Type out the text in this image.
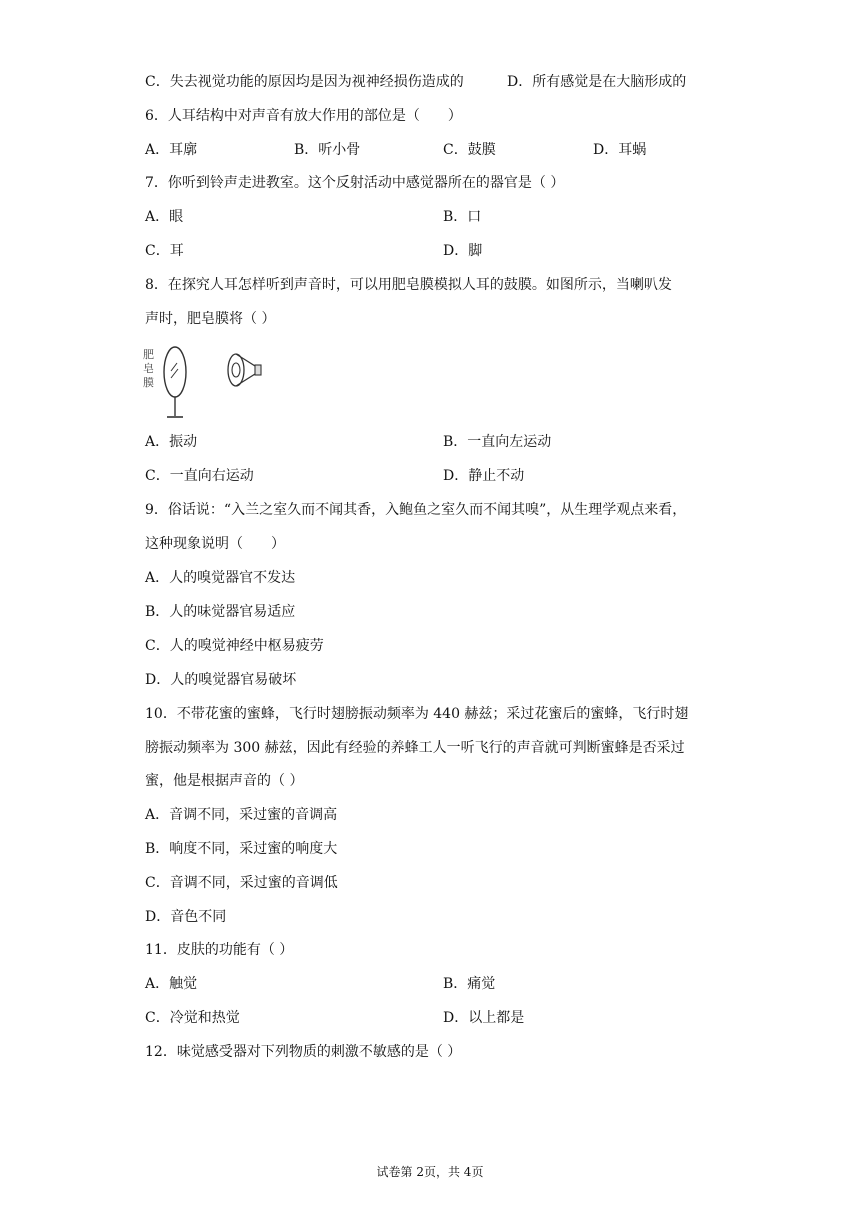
C．失去视觉功能的原因均是因为视神经损伤造成的	D．所有感觉是在大脑形成的
6．人耳结构中对声音有放大作用的部位是（　　）
A．耳廓	B．听小骨	C．鼓膜	D．耳蜗
7．你听到铃声走进教室。这个反射活动中感觉器所在的器官是（ ）
A．眼	B．口
C．耳	D．脚
8．在探究人耳怎样听到声音时，可以用肥皂膜模拟人耳的鼓膜。如图所示，当喇叭发
声时，肥皂膜将（ ）
肥
皂
膜
A．振动	B．一直向左运动
C．一直向右运动	D．静止不动
9．俗话说：“入兰之室久而不闻其香，入鲍鱼之室久而不闻其嗅”，从生理学观点来看，
这种现象说明（　　）
A．人的嗅觉器官不发达
B．人的味觉器官易适应
C．人的嗅觉神经中枢易疲劳
D．人的嗅觉器官易破坏
10．不带花蜜的蜜蜂，飞行时翅膀振动频率为 440 赫兹；采过花蜜后的蜜蜂，飞行时翅
膀振动频率为 300 赫兹，因此有经验的养蜂工人一听飞行的声音就可判断蜜蜂是否采过
蜜，他是根据声音的（ ）
A．音调不同，采过蜜的音调高
B．响度不同，采过蜜的响度大
C．音调不同，采过蜜的音调低
D．音色不同
11．皮肤的功能有（ ）
A．触觉	B．痛觉
C．冷觉和热觉	D．以上都是
12．味觉感受器对下列物质的刺激不敏感的是（ ）
试卷第 2页，共 4页
